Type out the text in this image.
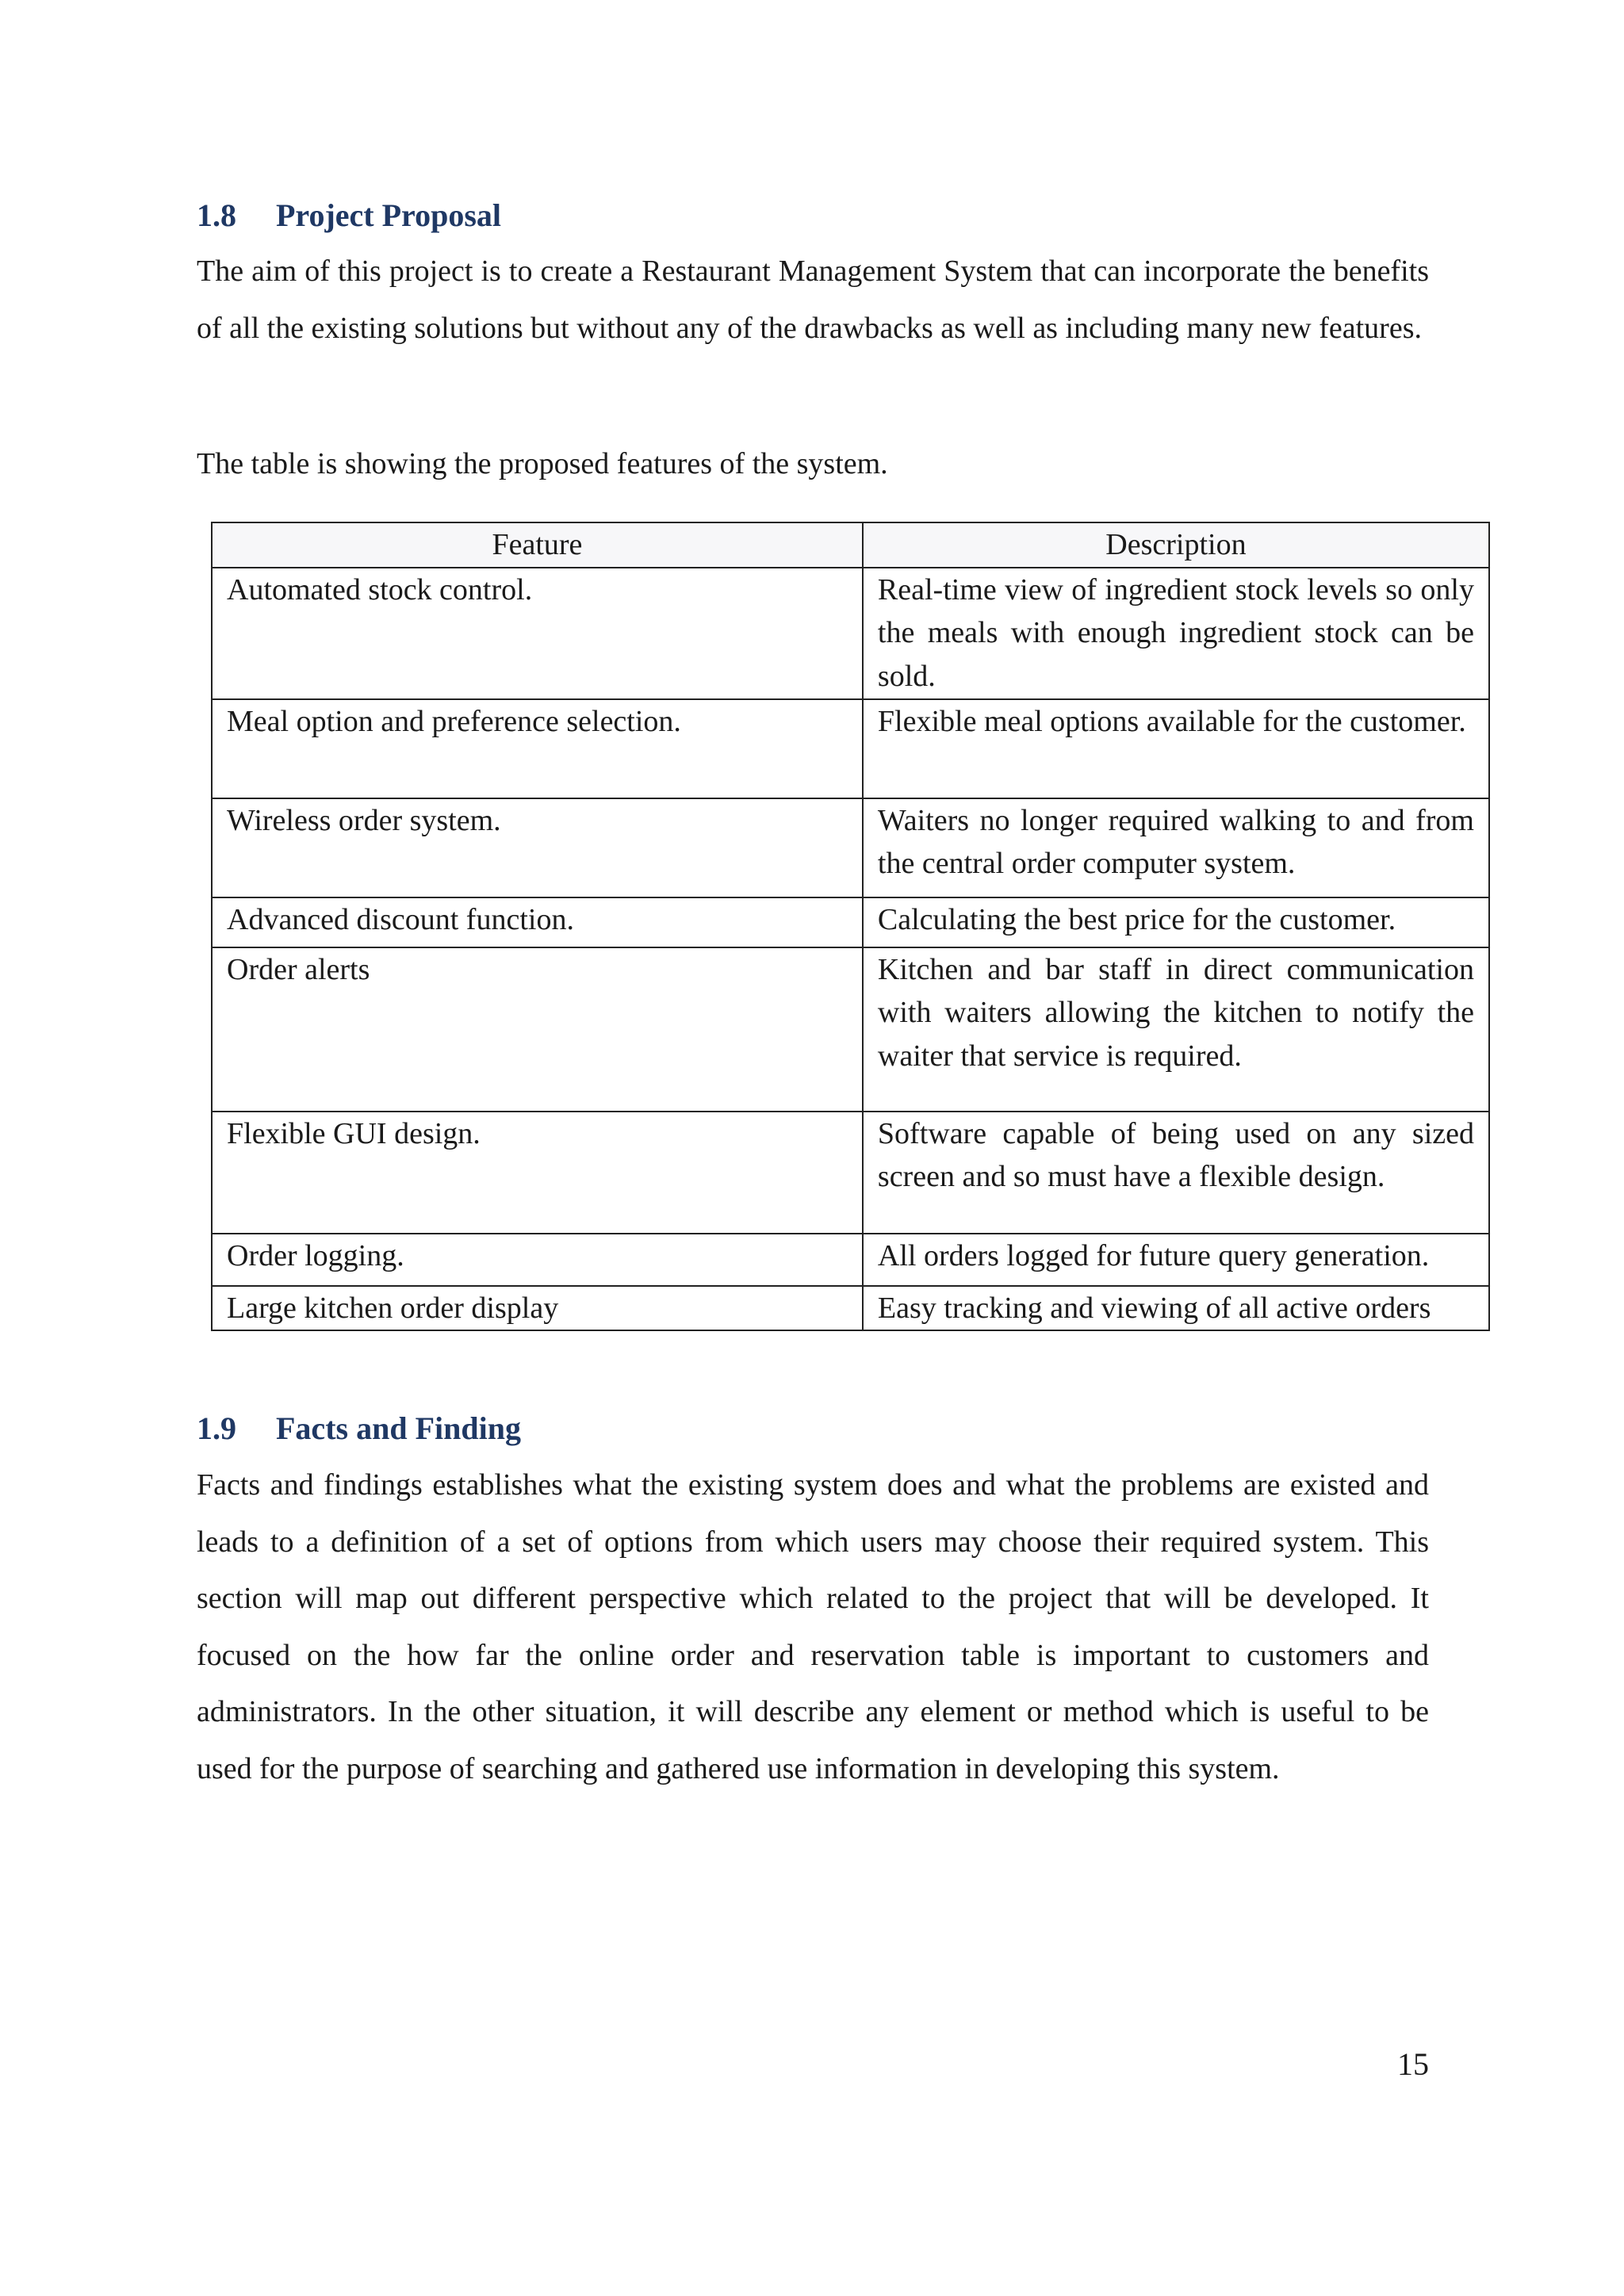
1.8 Project Proposal

The aim of this project is to create a Restaurant Management System that can incorporate the benefits of all the existing solutions but without any of the drawbacks as well as including many new features.

The table is showing the proposed features of the system.

Feature	Description
Automated stock control.	Real-time view of ingredient stock levels so only the meals with enough ingredient stock can be sold.
Meal option and preference selection.	Flexible meal options available for the customer.
Wireless order system.	Waiters no longer required walking to and from the central order computer system.
Advanced discount function.	Calculating the best price for the customer.
Order alerts	Kitchen and bar staff in direct communication with waiters allowing the kitchen to notify the waiter that service is required.
Flexible GUI design.	Software capable of being used on any sized screen and so must have a flexible design.
Order logging.	All orders logged for future query generation.
Large kitchen order display	Easy tracking and viewing of all active orders
1.9 Facts and Finding

Facts and findings establishes what the existing system does and what the problems are existed and leads to a definition of a set of options from which users may choose their required system. This section will map out different perspective which related to the project that will be developed. It focused on the how far the online order and reservation table is important to customers and administrators. In the other situation, it will describe any element or method which is useful to be used for the purpose of searching and gathered use information in developing this system.

15
